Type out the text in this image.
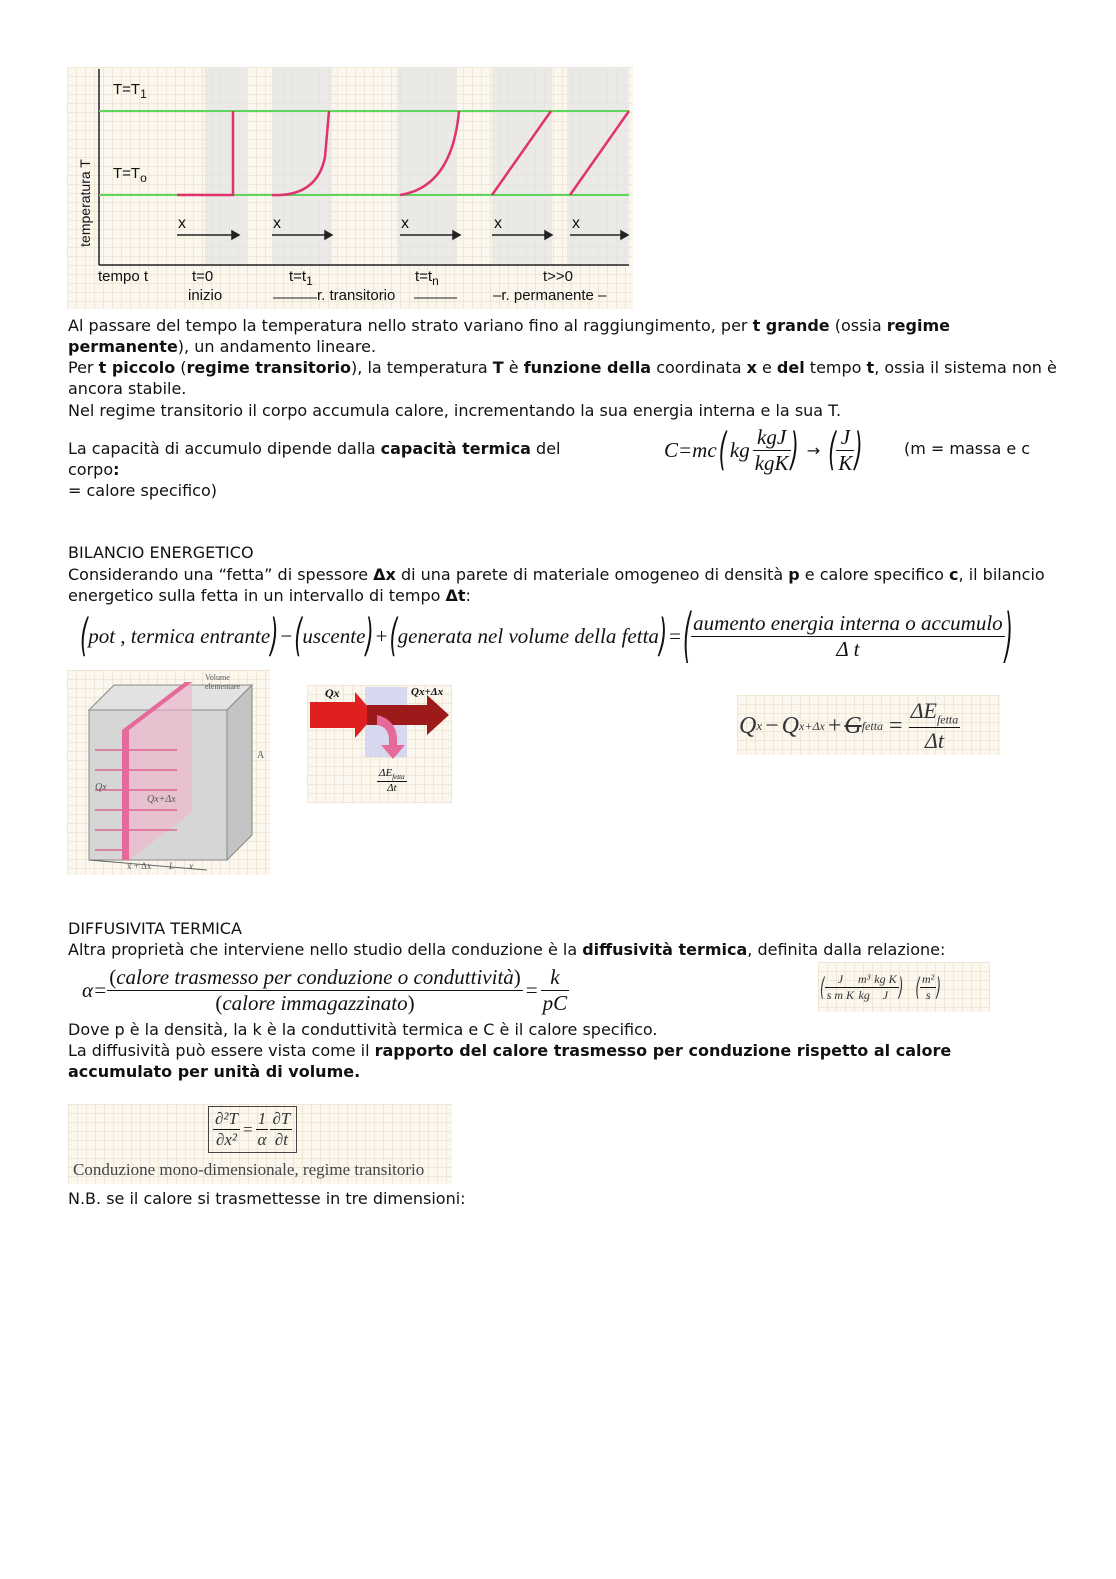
temperatura T
$T=T_1$
$T=T_o$
x	x	x	x	x
tempo t	t=0
inizio
$t=t_1$	$t=t_n$	t>>0
r. transitorio	–r. permanente –
Al passare del tempo la temperatura nello strato variano fino al raggiungimento, per t grande (ossia regime permanente), un andamento lineare.
Per t piccolo (regime transitorio), la temperatura T è funzione della coordinata x e del tempo t, ossia il sistema non è ancora stabile.
Nel regime transitorio il corpo accumula calore, incrementando la sua energia interna e la sua T.
La capacità di accumulo dipende dalla capacità termica del corpo:
C=mc ( kg $\frac{\text{kgJ}}{\text{kgK}}$ ) → ( $\frac{J}{K}$ )	(m = massa e c
= calore specifico)
BILANCIO ENERGETICO
Considerando una “fetta” di spessore Δx di una parete di materiale omogeneo di densità p e calore specifico c, il bilancio energetico sulla fetta in un intervallo di tempo Δt:
( pot , termica entrante ) − ( uscente ) + ( generata nel volume della fetta ) = ( $\frac{\text{aumento energia interna o accumulo}}{\text{Δ t}}$ )
Volume elementare
Qx
Qx+Δx
A
x + Δx L x
Qx	Qx+Δx
$\frac{\Delta E_{fetta}}{\Delta t}$
Q x − Q x+Δx + G fetta = $\frac{\Delta E_{fetta}}{\Delta t}$
DIFFUSIVITA TERMICA
Altra proprietà che interviene nello studio della conduzione è la diffusività termica, definita dalla relazione:
$\alpha= \frac{\text{(calore trasmesso per conduzione o conduttività)}}{\text{(calore immagazzinato)}} = \frac{k}{pC}$	( $\frac{J}{\text{s m K}} \frac{\text{m³}}{kg} \frac{\text{kg K}}{J}$ ) ( $\frac{\text{m²}}{s}$ )
Dove p è la densità, la k è la conduttività termica e C è il calore specifico.
La diffusività può essere vista come il rapporto del calore trasmesso per conduzione rispetto al calore accumulato per unità di volume.
$\frac{\text{∂²T}}{\text{∂x²}} = \frac{1}{\alpha} \frac{\partial T}{\partial t}$
Conduzione mono-dimensionale, regime transitorio
N.B. se il calore si trasmettesse in tre dimensioni:
